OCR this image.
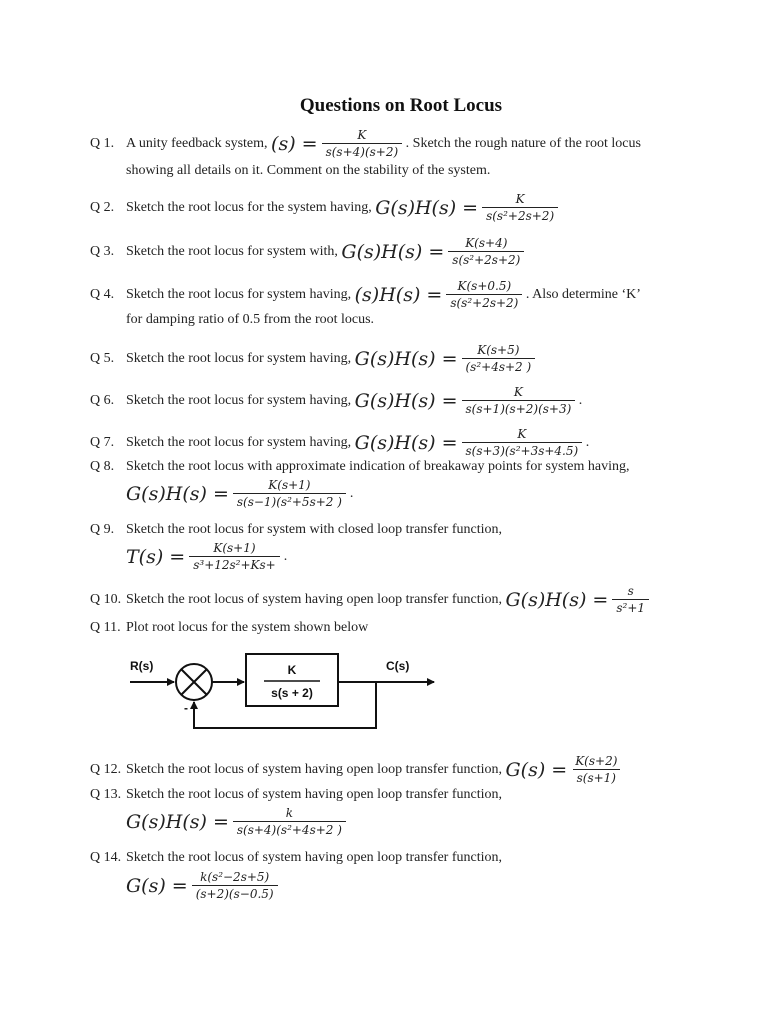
Questions on Root Locus
Q 1. A unity feedback system, $(s) = \frac{K}{s(s+4)(s+2)}$ . Sketch the rough nature of the root locus
showing all details on it. Comment on the stability of the system.
Q 2. Sketch the root locus for the system having, $G(s)H(s) = \frac{K}{\text{s(s²+2s+2)}}$
Q 3. Sketch the root locus for system with, $G(s)H(s) = \frac{K(s+4)}{\text{s(s²+2s+2)}}$
Q 4. Sketch the root locus for system having, $(s)H(s) = \frac{K(s+0.5)}{\text{s(s²+2s+2)}}$ . Also determine ‘K’
for damping ratio of 0.5 from the root locus.
Q 5. Sketch the root locus for system having, $G(s)H(s) = \frac{K(s+5)}{\text{(s²+4s+2 )}}$
Q 6. Sketch the root locus for system having, $G(s)H(s) = \frac{K}{s(s+1)(s+2)(s+3)}$ .
Q 7. Sketch the root locus for system having, $G(s)H(s) = \frac{K}{\text{s(s+3)(s²+3s+4.5)}}$ .
Q 8. Sketch the root locus with approximate indication of breakaway points for system having,
$G(s)H(s) = \frac{K(s+1)}{\text{s(s−1)(s²+5s+2 )}}$ .
Q 9. Sketch the root locus for system with closed loop transfer function,
$T(s) = \frac{K(s+1)}{\text{s³+12s²+Ks+}}$ .
Q 10. Sketch the root locus of system having open loop transfer function, $G(s)H(s) = \frac{s}{\text{s²+1}}$
Q 11. Plot root locus for the system shown below
R(s)
-
K
s(s + 2)
C(s)
Q 12. Sketch the root locus of system having open loop transfer function, $G(s) = \frac{K(s+2)}{s(s+1)}$
Q 13. Sketch the root locus of system having open loop transfer function,
$G(s)H(s) = \frac{k}{\text{s(s+4)(s²+4s+2 )}}$
Q 14. Sketch the root locus of system having open loop transfer function,
$G(s) = \frac{\text{k(s²−2s+5)}}{(s+2)(s-0.5)}$
